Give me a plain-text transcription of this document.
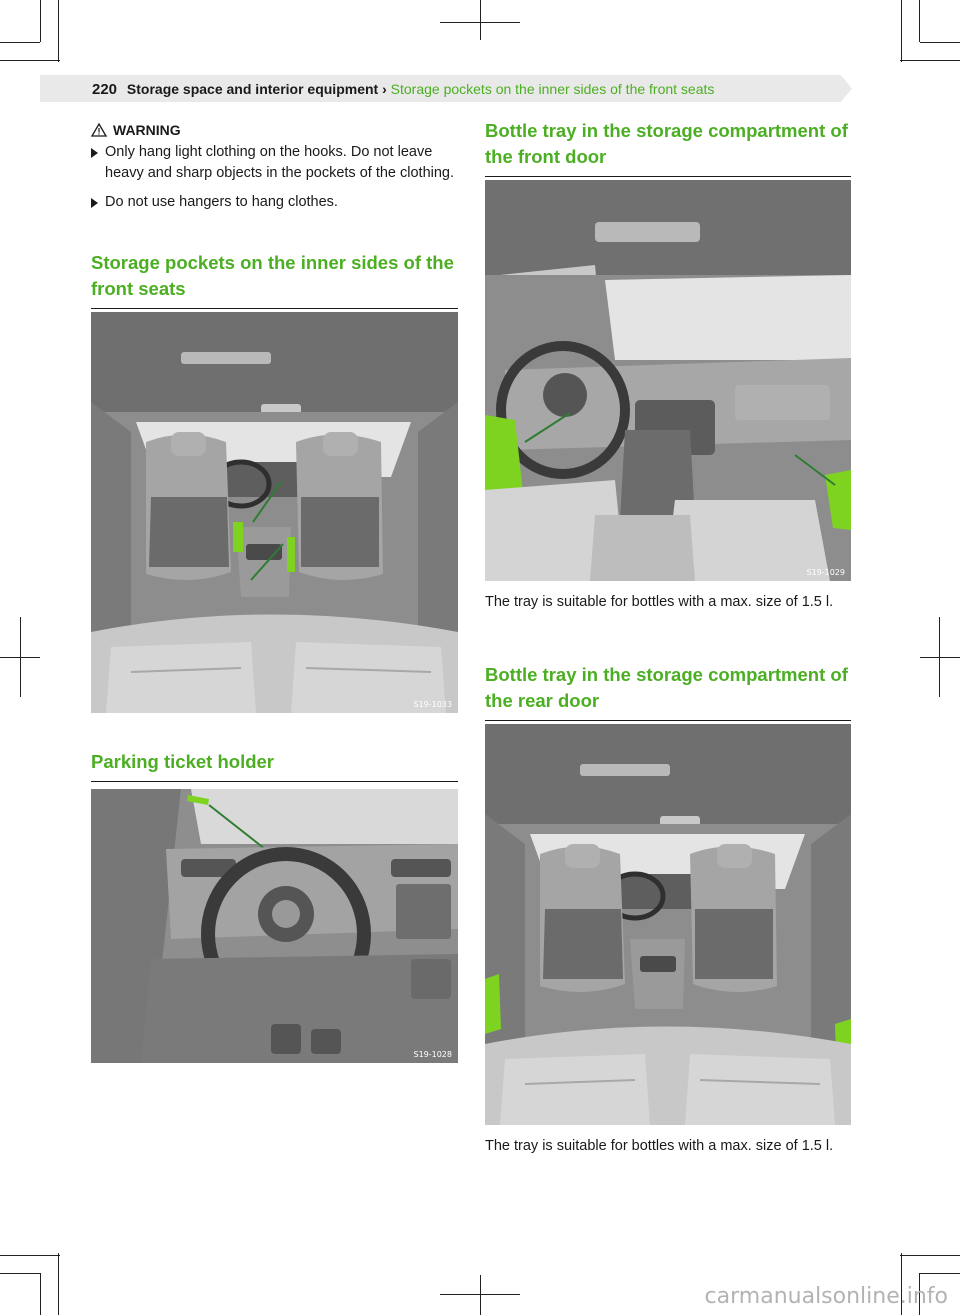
220 Storage space and interior equipment › Storage pockets on the inner sides of the front seats
WARNING
Only hang light clothing on the hooks. Do not leave heavy and sharp objects in the pockets of the clothing.
Do not use hangers to hang clothes.
Storage pockets on the inner sides of the front seats
S19-1033
Parking ticket holder
S19-1028
Bottle tray in the storage compartment of the front door
S19-1029
The tray is suitable for bottles with a max. size of 1.5 l.
Bottle tray in the storage compartment of the rear door
The tray is suitable for bottles with a max. size of 1.5 l.
carmanualsonline.info
